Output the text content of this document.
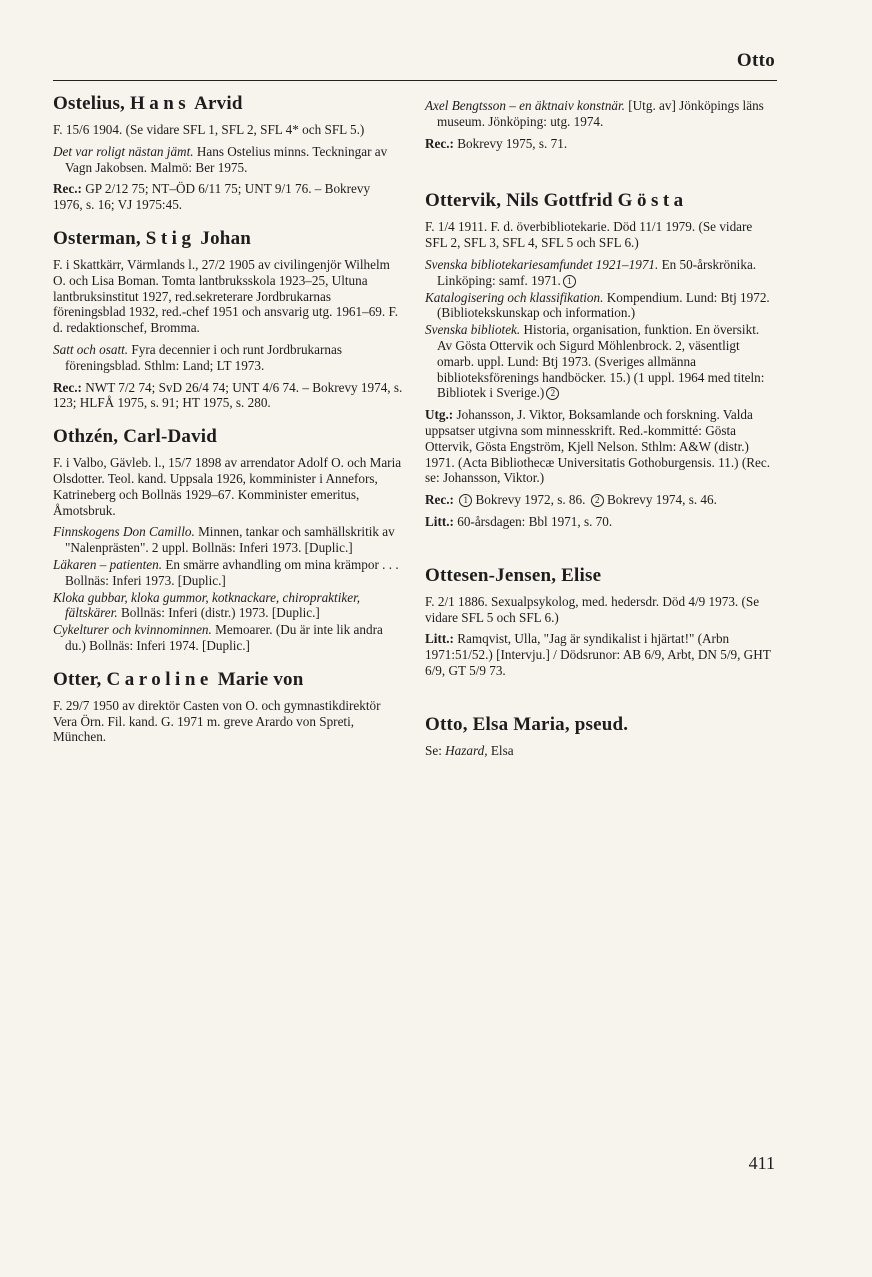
Otto
Ostelius, Hans Arvid
F. 15/6 1904. (Se vidare SFL 1, SFL 2, SFL 4* och SFL 5.)
Det var roligt nästan jämt. Hans Ostelius minns. Teckningar av Vagn Jakobsen. Malmö: Ber 1975.
Rec.: GP 2/12 75; NT–ÖD 6/11 75; UNT 9/1 76. – Bokrevy 1976, s. 16; VJ 1975:45.
Osterman, Stig Johan
F. i Skattkärr, Värmlands l., 27/2 1905 av civilingenjör Wilhelm O. och Lisa Boman. Tomta lantbruksskola 1923–25, Ultuna lantbruksinstitut 1927, red.sekreterare Jordbrukarnas föreningsblad 1932, red.-chef 1951 och ansvarig utg. 1961–69. F. d. redaktionschef, Bromma.
Satt och osatt. Fyra decennier i och runt Jordbrukarnas föreningsblad. Sthlm: Land; LT 1973.
Rec.: NWT 7/2 74; SvD 26/4 74; UNT 4/6 74. – Bokrevy 1974, s. 123; HLFÅ 1975, s. 91; HT 1975, s. 280.
Othzén, Carl-David
F. i Valbo, Gävleb. l., 15/7 1898 av arrendator Adolf O. och Maria Olsdotter. Teol. kand. Uppsala 1926, komminister i Annefors, Katrineberg och Bollnäs 1929–67. Komminister emeritus, Åmotsbruk.
Finnskogens Don Camillo. Minnen, tankar och samhällskritik av "Nalenprästen". 2 uppl. Bollnäs: Inferi 1973. [Duplic.]
Läkaren – patienten. En smärre avhandling om mina krämpor . . . Bollnäs: Inferi 1973. [Duplic.]
Kloka gubbar, kloka gummor, kotknackare, chiropraktiker, fältskärer. Bollnäs: Inferi (distr.) 1973. [Duplic.]
Cykelturer och kvinnominnen. Memoarer. (Du är inte lik andra du.) Bollnäs: Inferi 1974. [Duplic.]
Otter, Caroline Marie von
F. 29/7 1950 av direktör Casten von O. och gymnastikdirektör Vera Örn. Fil. kand. G. 1971 m. greve Arardo von Spreti, München.
Axel Bengtsson – en äktnaiv konstnär. [Utg. av] Jönköpings läns museum. Jönköping: utg. 1974.
Rec.: Bokrevy 1975, s. 71.
Ottervik, Nils Gottfrid Gösta
F. 1/4 1911. F. d. överbibliotekarie. Död 11/1 1979. (Se vidare SFL 2, SFL 3, SFL 4, SFL 5 och SFL 6.)
Svenska bibliotekariesamfundet 1921–1971. En 50-årskrönika. Linköping: samf. 1971. 1
Katalogisering och klassifikation. Kompendium. Lund: Btj 1972. (Bibliotekskunskap och information.)
Svenska bibliotek. Historia, organisation, funktion. En översikt. Av Gösta Ottervik och Sigurd Möhlenbrock. 2, väsentligt omarb. uppl. Lund: Btj 1973. (Sveriges allmänna biblioteksförenings handböcker. 15.) (1 uppl. 1964 med titeln: Bibliotek i Sverige.) 2
Utg.: Johansson, J. Viktor, Boksamlande och forskning. Valda uppsatser utgivna som minnesskrift. Red.-kommitté: Gösta Ottervik, Gösta Engström, Kjell Nelson. Sthlm: A&W (distr.) 1971. (Acta Bibliothecæ Universitatis Gothoburgensis. 11.) (Rec. se: Johansson, Viktor.)
Rec.: 1 Bokrevy 1972, s. 86. 2 Bokrevy 1974, s. 46.
Litt.: 60-årsdagen: Bbl 1971, s. 70.
Ottesen-Jensen, Elise
F. 2/1 1886. Sexualpsykolog, med. hedersdr. Död 4/9 1973. (Se vidare SFL 5 och SFL 6.)
Litt.: Ramqvist, Ulla, "Jag är syndikalist i hjärtat!" (Arbn 1971:51/52.) [Intervju.] / Dödsrunor: AB 6/9, Arbt, DN 5/9, GHT 6/9, GT 5/9 73.
Otto, Elsa Maria, pseud.
Se: Hazard, Elsa
411
